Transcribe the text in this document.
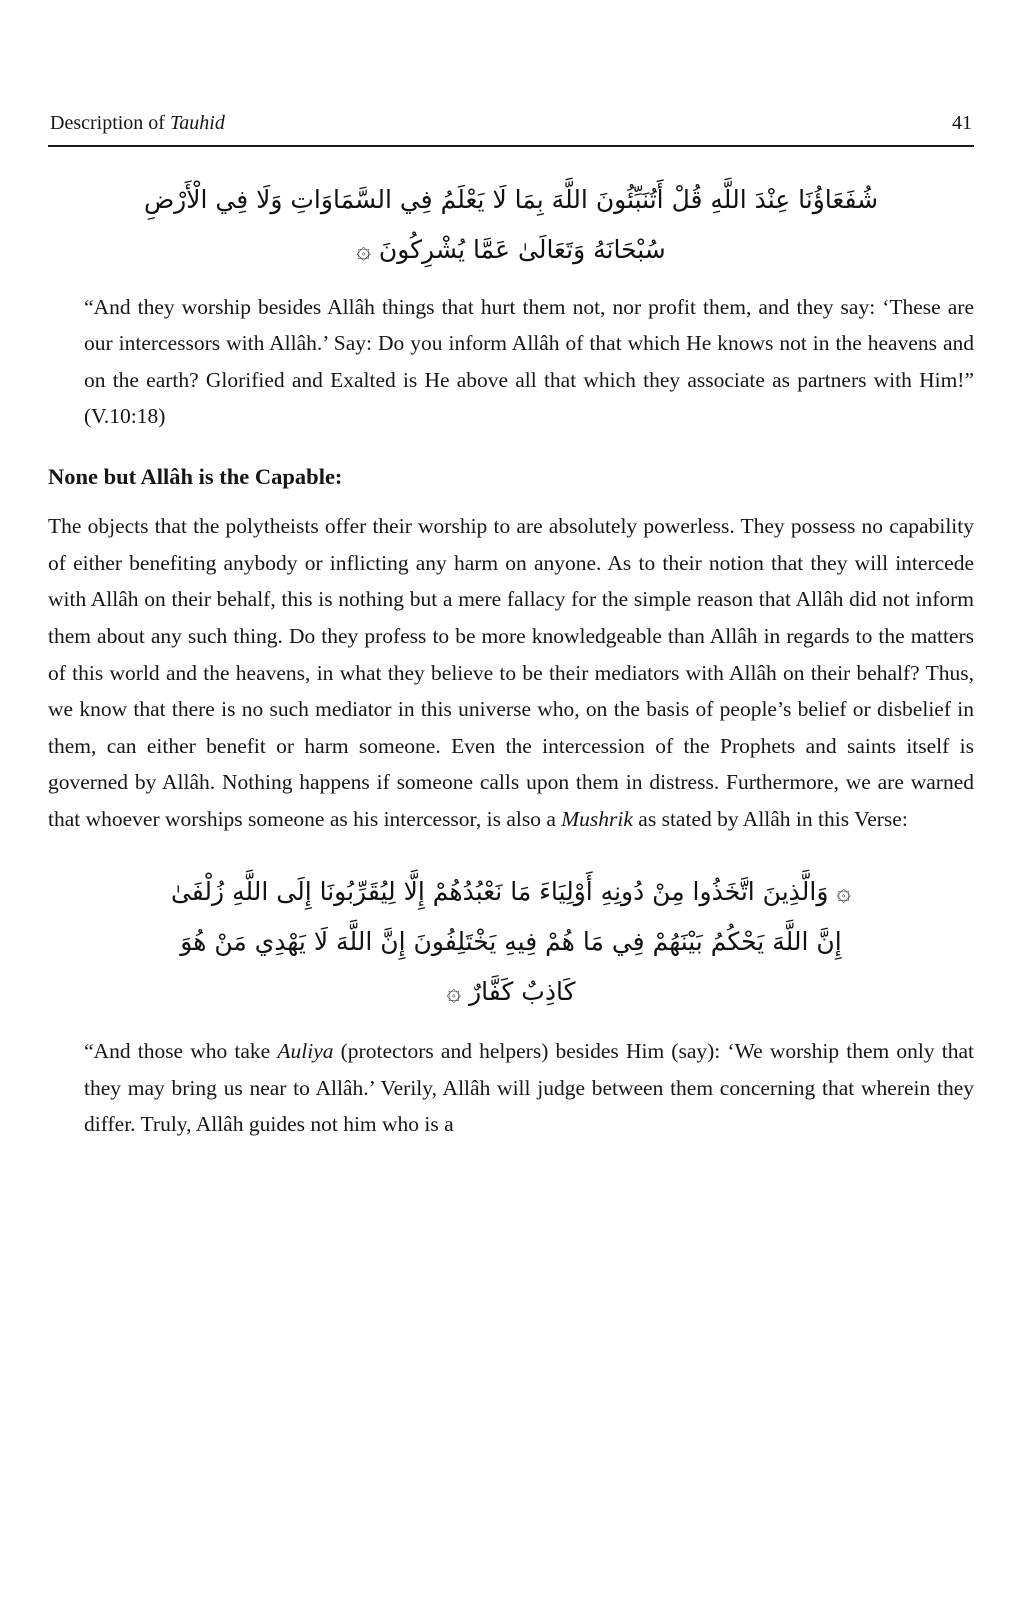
Description of Tauhid	41
شُفَعَاؤُنَا عِنْدَ اللَّهِ قُلْ أَتُنَبِّئُونَ اللَّهَ بِمَا لَا يَعْلَمُ فِي السَّمَاوَاتِ وَلَا فِي الْأَرْضِ
سُبْحَانَهُ وَتَعَالَىٰ عَمَّا يُشْرِكُونَ ۞

“And they worship besides Allâh things that hurt them not, nor profit them, and they say: ‘These are our intercessors with Allâh.’ Say: Do you inform Allâh of that which He knows not in the heavens and on the earth? Glorified and Exalted is He above all that which they associate as partners with Him!” (V.10:18)

None but Allâh is the Capable:

The objects that the polytheists offer their worship to are absolutely powerless. They possess no capability of either benefiting anybody or inflicting any harm on anyone. As to their notion that they will intercede with Allâh on their behalf, this is nothing but a mere fallacy for the simple reason that Allâh did not inform them about any such thing. Do they profess to be more knowledgeable than Allâh in regards to the matters of this world and the heavens, in what they believe to be their mediators with Allâh on their behalf? Thus, we know that there is no such mediator in this universe who, on the basis of people’s belief or disbelief in them, can either benefit or harm someone. Even the intercession of the Prophets and saints itself is governed by Allâh. Nothing happens if someone calls upon them in distress. Furthermore, we are warned that whoever worships someone as his intercessor, is also a Mushrik as stated by Allâh in this Verse:

۞ وَالَّذِينَ اتَّخَذُوا مِنْ دُونِهِ أَوْلِيَاءَ مَا نَعْبُدُهُمْ إِلَّا لِيُقَرِّبُونَا إِلَى اللَّهِ زُلْفَىٰ
إِنَّ اللَّهَ يَحْكُمُ بَيْنَهُمْ فِي مَا هُمْ فِيهِ يَخْتَلِفُونَ إِنَّ اللَّهَ لَا يَهْدِي مَنْ هُوَ
كَاذِبٌ كَفَّارٌ ۞

“And those who take Auliya (protectors and helpers) besides Him (say): ‘We worship them only that they may bring us near to Allâh.’ Verily, Allâh will judge between them concerning that wherein they differ. Truly, Allâh guides not him who is a
